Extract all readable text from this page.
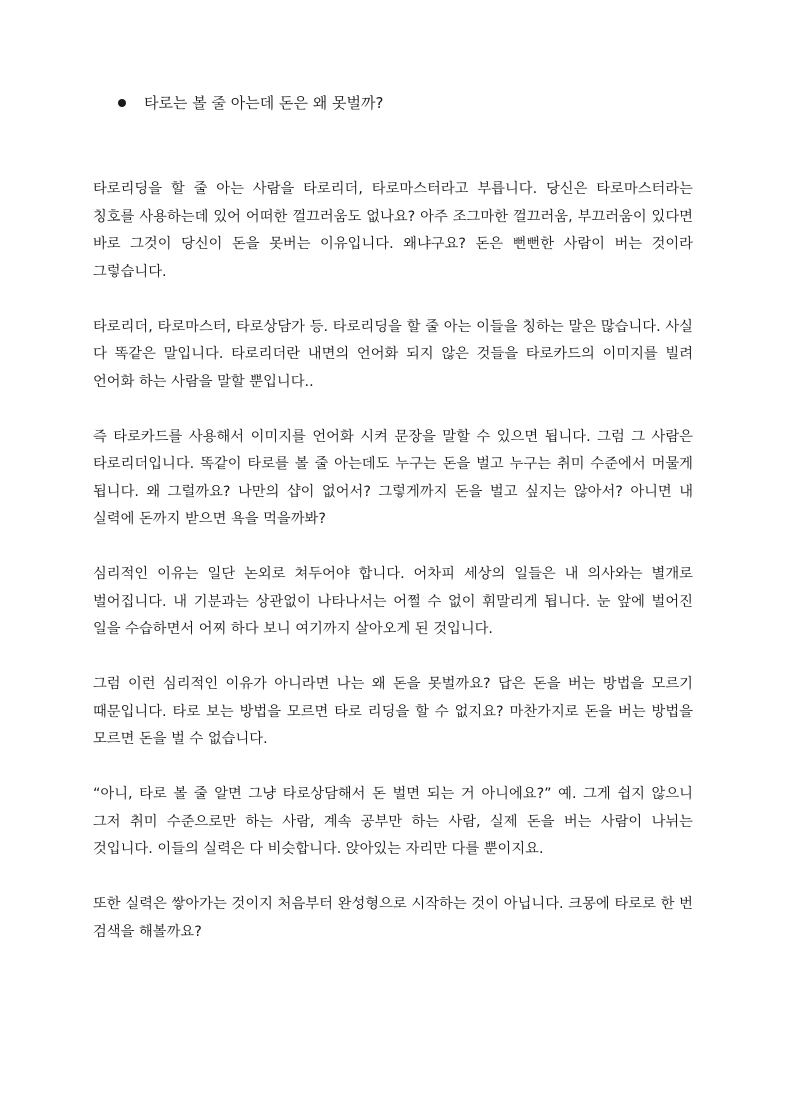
타로는 볼 줄 아는데 돈은 왜 못벌까?

타로리딩을 할 줄 아는 사람을 타로리더, 타로마스터라고 부릅니다. 당신은 타로마스터라는 칭호를 사용하는데 있어 어떠한 껄끄러움도 없나요? 아주 조그마한 껄끄러움, 부끄러움이 있다면 바로 그것이 당신이 돈을 못버는 이유입니다. 왜냐구요? 돈은 뻔뻔한 사람이 버는 것이라 그렇습니다.

타로리더, 타로마스터, 타로상담가 등. 타로리딩을 할 줄 아는 이들을 칭하는 말은 많습니다. 사실 다 똑같은 말입니다. 타로리더란 내면의 언어화 되지 않은 것들을 타로카드의 이미지를 빌려 언어화 하는 사람을 말할 뿐입니다..

즉 타로카드를 사용해서 이미지를 언어화 시켜 문장을 말할 수 있으면 됩니다. 그럼 그 사람은 타로리더입니다. 똑같이 타로를 볼 줄 아는데도 누구는 돈을 벌고 누구는 취미 수준에서 머물게 됩니다. 왜 그럴까요? 나만의 샵이 없어서? 그렇게까지 돈을 벌고 싶지는 않아서? 아니면 내 실력에 돈까지 받으면 욕을 먹을까봐?

심리적인 이유는 일단 논외로 쳐두어야 합니다. 어차피 세상의 일들은 내 의사와는 별개로 벌어집니다. 내 기분과는 상관없이 나타나서는 어쩔 수 없이 휘말리게 됩니다. 눈 앞에 벌어진 일을 수습하면서 어찌 하다 보니 여기까지 살아오게 된 것입니다.

그럼 이런 심리적인 이유가 아니라면 나는 왜 돈을 못벌까요? 답은 돈을 버는 방법을 모르기 때문입니다. 타로 보는 방법을 모르면 타로 리딩을 할 수 없지요? 마찬가지로 돈을 버는 방법을 모르면 돈을 벌 수 없습니다.

“아니, 타로 볼 줄 알면 그냥 타로상담해서 돈 벌면 되는 거 아니에요?” 예. 그게 쉽지 않으니 그저 취미 수준으로만 하는 사람, 계속 공부만 하는 사람, 실제 돈을 버는 사람이 나뉘는 것입니다. 이들의 실력은 다 비슷합니다. 앉아있는 자리만 다를 뿐이지요.

또한 실력은 쌓아가는 것이지 처음부터 완성형으로 시작하는 것이 아닙니다. 크몽에 타로로 한 번 검색을 해볼까요?
